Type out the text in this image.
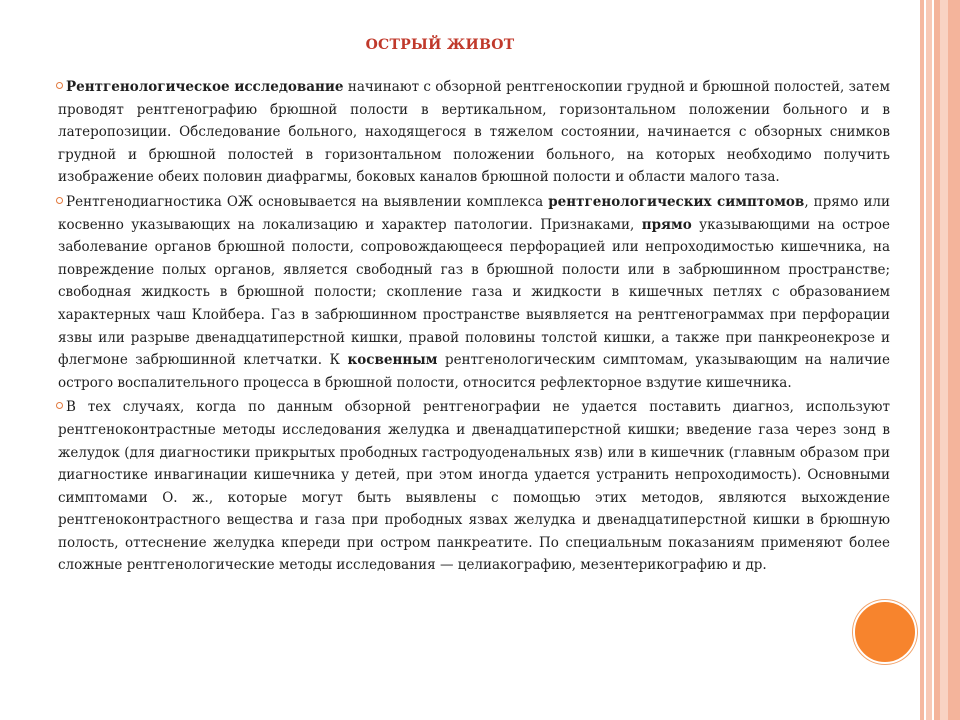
ОСТРЫЙ ЖИВОТ
Рентгенологическое исследование начинают с обзорной рентгеноскопии грудной и брюшной полостей, затем проводят рентгенографию брюшной полости в вертикальном, горизонтальном положении больного и в латеропозиции. Обследование больного, находящегося в тяжелом состоянии, начинается с обзорных снимков грудной и брюшной полостей в горизонтальном положении больного, на которых необходимо получить изображение обеих половин диафрагмы, боковых каналов брюшной полости и области малого таза.
Рентгенодиагностика ОЖ основывается на выявлении комплекса рентгенологических симптомов, прямо или косвенно указывающих на локализацию и характер патологии. Признаками, прямо указывающими на острое заболевание органов брюшной полости, сопровождающееся перфорацией или непроходимостью кишечника, на повреждение полых органов, является свободный газ в брюшной полости или в забрюшинном пространстве; свободная жидкость в брюшной полости; скопление газа и жидкости в кишечных петлях с образованием характерных чаш Клойбера. Газ в забрюшинном пространстве выявляется на рентгенограммах при перфорации язвы или разрыве двенадцатиперстной кишки, правой половины толстой кишки, а также при панкреонекрозе и флегмоне забрюшинной клетчатки. К косвенным рентгенологическим симптомам, указывающим на наличие острого воспалительного процесса в брюшной полости, относится рефлекторное вздутие кишечника.
В тех случаях, когда по данным обзорной рентгенографии не удается поставить диагноз, используют рентгеноконтрастные методы исследования желудка и двенадцатиперстной кишки; введение газа через зонд в желудок (для диагностики прикрытых прободных гастродуоденальных язв) или в кишечник (главным образом при диагностике инвагинации кишечника у детей, при этом иногда удается устранить непроходимость). Основными симптомами О. ж., которые могут быть выявлены с помощью этих методов, являются выхождение рентгеноконтрастного вещества и газа при прободных язвах желудка и двенадцатиперстной кишки в брюшную полость, оттеснение желудка кпереди при остром панкреатите. По специальным показаниям применяют более сложные рентгенологические методы исследования — целиакографию, мезентерикографию и др.
